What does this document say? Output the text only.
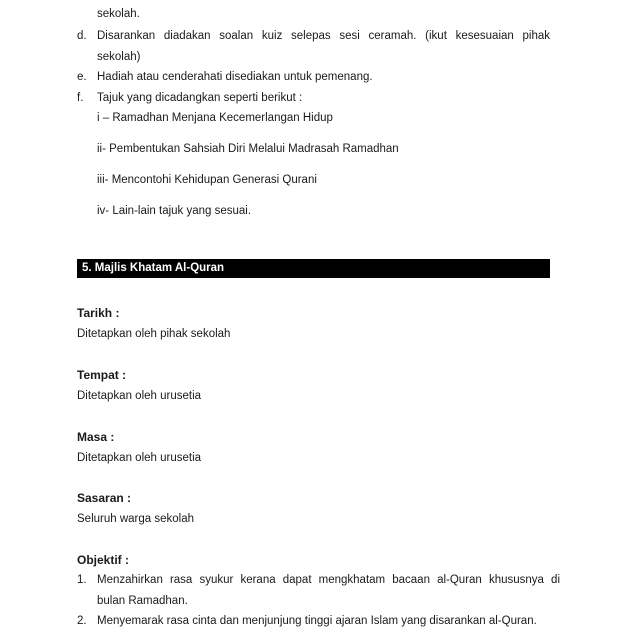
sekolah.
d. Disarankan diadakan soalan kuiz selepas sesi ceramah. (ikut kesesuaian pihak
sekolah)
e. Hadiah atau cenderahati disediakan untuk pemenang.
f. Tajuk yang dicadangkan seperti berikut :
i – Ramadhan Menjana Kecemerlangan Hidup
ii- Pembentukan Sahsiah Diri Melalui Madrasah Ramadhan
iii- Mencontohi Kehidupan Generasi Qurani
iv- Lain-lain tajuk yang sesuai.
5. Majlis Khatam Al-Quran
Tarikh :
Ditetapkan oleh pihak sekolah
Tempat :
Ditetapkan oleh urusetia
Masa :
Ditetapkan oleh urusetia
Sasaran :
Seluruh warga sekolah
Objektif :
1. Menzahirkan rasa syukur kerana dapat mengkhatam bacaan al-Quran khususnya di
bulan Ramadhan.
2. Menyemarak rasa cinta dan menjunjung tinggi ajaran Islam yang disarankan al-Quran.
